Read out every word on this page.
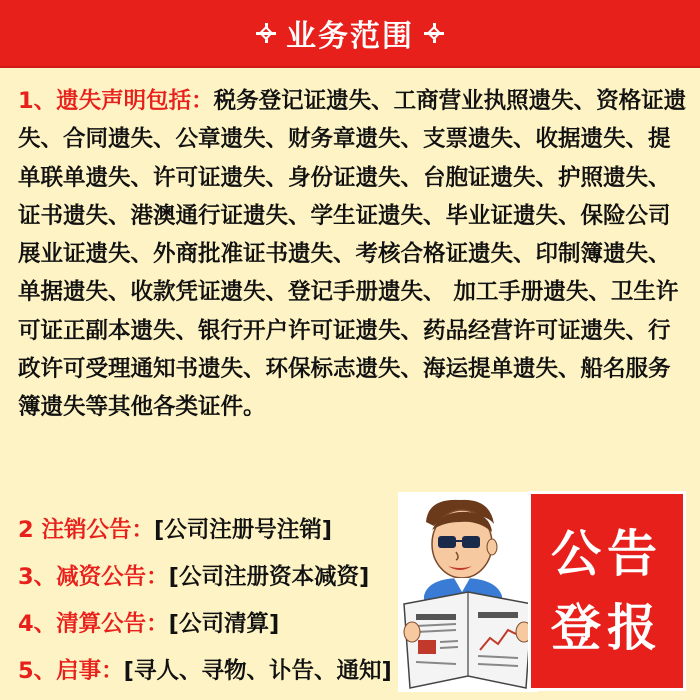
业务范围
1、遗失声明包括：税务登记证遗失、工商营业执照遗失、资格证遗失、合同遗失、公章遗失、财务章遗失、支票遗失、收据遗失、提单联单遗失、许可证遗失、身份证遗失、台胞证遗失、护照遗失、证书遗失、港澳通行证遗失、学生证遗失、毕业证遗失、保险公司展业证遗失、外商批准证书遗失、考核合格证遗失、印制簿遗失、单据遗失、收款凭证遗失、登记手册遗失、 加工手册遗失、卫生许可证正副本遗失、银行开户许可证遗失、药品经营许可证遗失、行政许可受理通知书遗失、环保标志遗失、海运提单遗失、船名服务簿遗失等其他各类证件。
2 注销公告：[公司注册号注销]
3、减资公告：[公司注册资本减资]
4、清算公告：[公司清算]
5、启事：[寻人、寻物、讣告、通知]
公告
登报
